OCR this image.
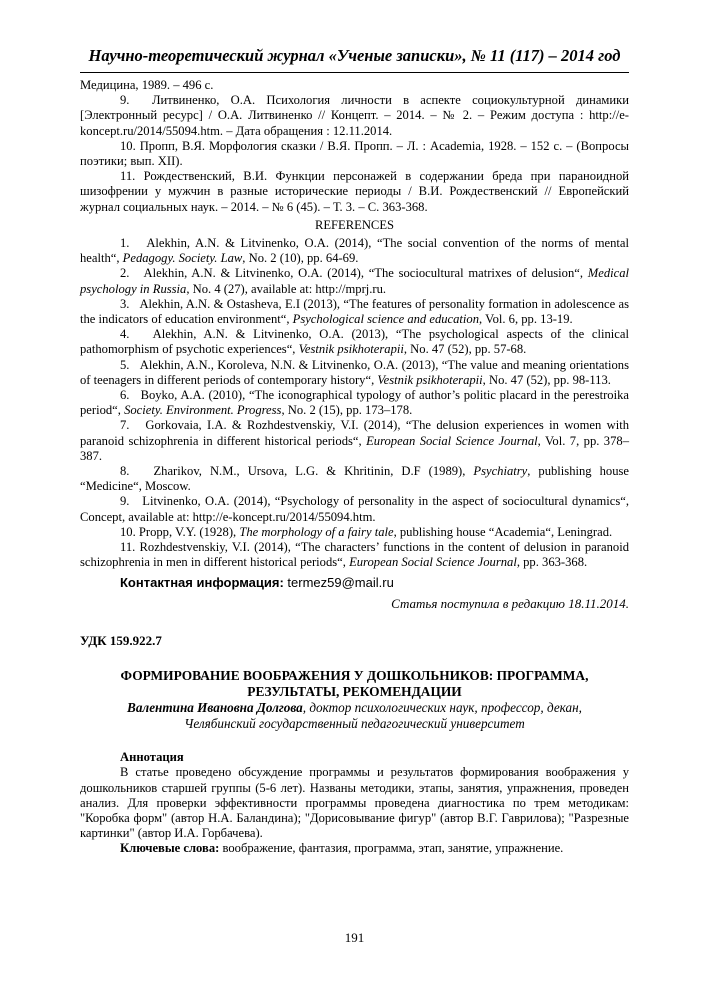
Научно-теоретический журнал «Ученые записки», № 11 (117) – 2014 год

Медицина, 1989. – 496 с.

9.  Литвиненко, О.А. Психология личности в аспекте социокультурной динамики [Электронный ресурс] / О.А. Литвиненко // Концепт. – 2014. – № 2. – Режим доступа : http://e-koncept.ru/2014/55094.htm. – Дата обращения : 12.11.2014.

10. Пропп, В.Я. Морфология сказки / В.Я. Пропп. – Л. : Academia, 1928. – 152 с. – (Вопросы поэтики; вып. XII).

11. Рождественский, В.И. Функции персонажей в содержании бреда при параноидной шизофрении у мужчин в разные исторические периоды / В.И. Рождественский // Европейский журнал социальных наук. – 2014. – № 6 (45). – Т. 3. – С. 363-368.

REFERENCES

1.   Alekhin, A.N. & Litvinenko, O.A. (2014), “The social convention of the norms of mental health“, Pedagogy. Society. Law, No. 2 (10), pp. 64-69.

2.   Alekhin, A.N. & Litvinenko, O.A. (2014), “The sociocultural matrixes of delusion“, Medical psychology in Russia, No. 4 (27), available at: http://mprj.ru.

3.   Alekhin, A.N. & Ostasheva, E.I (2013), “The features of personality formation in adolescence as the indicators of education environment“, Psychological science and education, Vol. 6, pp. 13-19.

4.   Alekhin, A.N. & Litvinenko, O.A. (2013), “The psychological aspects of the clinical pathomorphism of psychotic experiences“, Vestnik psikhoterapii, No. 47 (52), pp. 57-68.

5.   Alekhin, A.N., Koroleva, N.N. & Litvinenko, O.A. (2013), “The value and meaning orientations of teenagers in different periods of contemporary history“, Vestnik psikhoterapii, No. 47 (52), pp. 98-113.

6.   Boyko, A.A. (2010), “The iconographical typology of author’s politic placard in the perestroika period“, Society. Environment. Progress, No. 2 (15), pp. 173–178.

7.   Gorkovaia, I.A. & Rozhdestvenskiy, V.I. (2014), “The delusion experiences in women with paranoid schizophrenia in different historical periods“, European Social Science Journal, Vol. 7, pp. 378–387.

8.   Zharikov, N.M., Ursova, L.G. & Khritinin, D.F (1989), Psychiatry, publishing house “Medicine“, Moscow.

9.   Litvinenko, O.A. (2014), “Psychology of personality in the aspect of sociocultural dynamics“, Concept, available at: http://e-koncept.ru/2014/55094.htm.

10. Propp, V.Y. (1928), The morphology of a fairy tale, publishing house “Academia“, Leningrad.

11. Rozhdestvenskiy, V.I. (2014), “The characters’ functions in the content of delusion in paranoid schizophrenia in men in different historical periods“, European Social Science Journal, pp. 363-368.

Контактная информация: termez59@mail.ru

Статья поступила в редакцию 18.11.2014.

УДК 159.922.7

ФОРМИРОВАНИЕ ВООБРАЖЕНИЯ У ДОШКОЛЬНИКОВ: ПРОГРАММА, РЕЗУЛЬТАТЫ, РЕКОМЕНДАЦИИ

Валентина Ивановна Долгова, доктор психологических наук, профессор, декан,

Челябинский государственный педагогический университет

Аннотация

В статье проведено обсуждение программы и результатов формирования воображения у дошкольников старшей группы (5-6 лет). Названы методики, этапы, занятия, упражнения, проведен анализ. Для проверки эффективности программы проведена диагностика по трем методикам: "Коробка форм" (автор Н.А. Баландина); "Дорисовывание фигур" (автор В.Г. Гаврилова); "Разрезные картинки" (автор И.А. Горбачева).

Ключевые слова: воображение, фантазия, программа, этап, занятие, упражнение.

191
